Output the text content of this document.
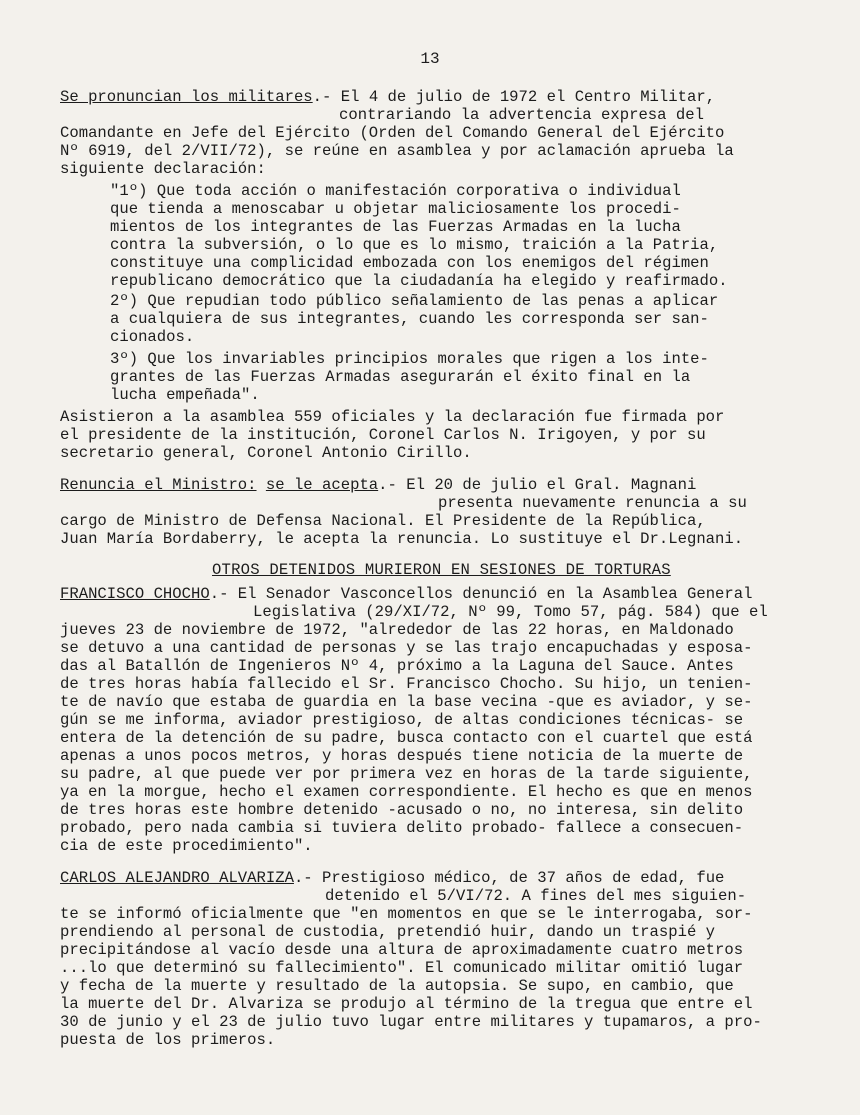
13
Se pronuncian los militares.- El 4 de julio de 1972 el Centro Militar,
contrariando la advertencia expresa del
Comandante en Jefe del Ejército (Orden del Comando General del Ejército
Nº 6919, del 2/VII/72), se reúne en asamblea y por aclamación aprueba la
siguiente declaración:
"1º) Que toda acción o manifestación corporativa o individual
que tienda a menoscabar u objetar maliciosamente los procedi-
mientos de los integrantes de las Fuerzas Armadas en la lucha
contra la subversión, o lo que es lo mismo, traición a la Patria,
constituye una complicidad embozada con los enemigos del régimen
republicano democrático que la ciudadanía ha elegido y reafirmado.
2º) Que repudian todo público señalamiento de las penas a aplicar
a cualquiera de sus integrantes, cuando les corresponda ser san-
cionados.
3º) Que los invariables principios morales que rigen a los inte-
grantes de las Fuerzas Armadas asegurarán el éxito final en la
lucha empeñada".
Asistieron a la asamblea 559 oficiales y la declaración fue firmada por
el presidente de la institución, Coronel Carlos N. Irigoyen, y por su
secretario general, Coronel Antonio Cirillo.
Renuncia el Ministro: se le acepta.- El 20 de julio el Gral. Magnani
presenta nuevamente renuncia a su
cargo de Ministro de Defensa Nacional. El Presidente de la República,
Juan María Bordaberry, le acepta la renuncia. Lo sustituye el Dr.Legnani.
OTROS DETENIDOS MURIERON EN SESIONES DE TORTURAS
FRANCISCO CHOCHO.- El Senador Vasconcellos denunció en la Asamblea General
Legislativa (29/XI/72, Nº 99, Tomo 57, pág. 584) que el
jueves 23 de noviembre de 1972, "alrededor de las 22 horas, en Maldonado
se detuvo a una cantidad de personas y se las trajo encapuchadas y esposa-
das al Batallón de Ingenieros Nº 4, próximo a la Laguna del Sauce. Antes
de tres horas había fallecido el Sr. Francisco Chocho. Su hijo, un tenien-
te de navío que estaba de guardia en la base vecina -que es aviador, y se-
gún se me informa, aviador prestigioso, de altas condiciones técnicas- se
entera de la detención de su padre, busca contacto con el cuartel que está
apenas a unos pocos metros, y horas después tiene noticia de la muerte de
su padre, al que puede ver por primera vez en horas de la tarde siguiente,
ya en la morgue, hecho el examen correspondiente. El hecho es que en menos
de tres horas este hombre detenido -acusado o no, no interesa, sin delito
probado, pero nada cambia si tuviera delito probado- fallece a consecuen-
cia de este procedimiento".
CARLOS ALEJANDRO ALVARIZA.- Prestigioso médico, de 37 años de edad, fue
detenido el 5/VI/72. A fines del mes siguien-
te se informó oficialmente que "en momentos en que se le interrogaba, sor-
prendiendo al personal de custodia, pretendió huir, dando un traspié y
precipitándose al vacío desde una altura de aproximadamente cuatro metros
...lo que determinó su fallecimiento". El comunicado militar omitió lugar
y fecha de la muerte y resultado de la autopsia. Se supo, en cambio, que
la muerte del Dr. Alvariza se produjo al término de la tregua que entre el
30 de junio y el 23 de julio tuvo lugar entre militares y tupamaros, a pro-
puesta de los primeros.
